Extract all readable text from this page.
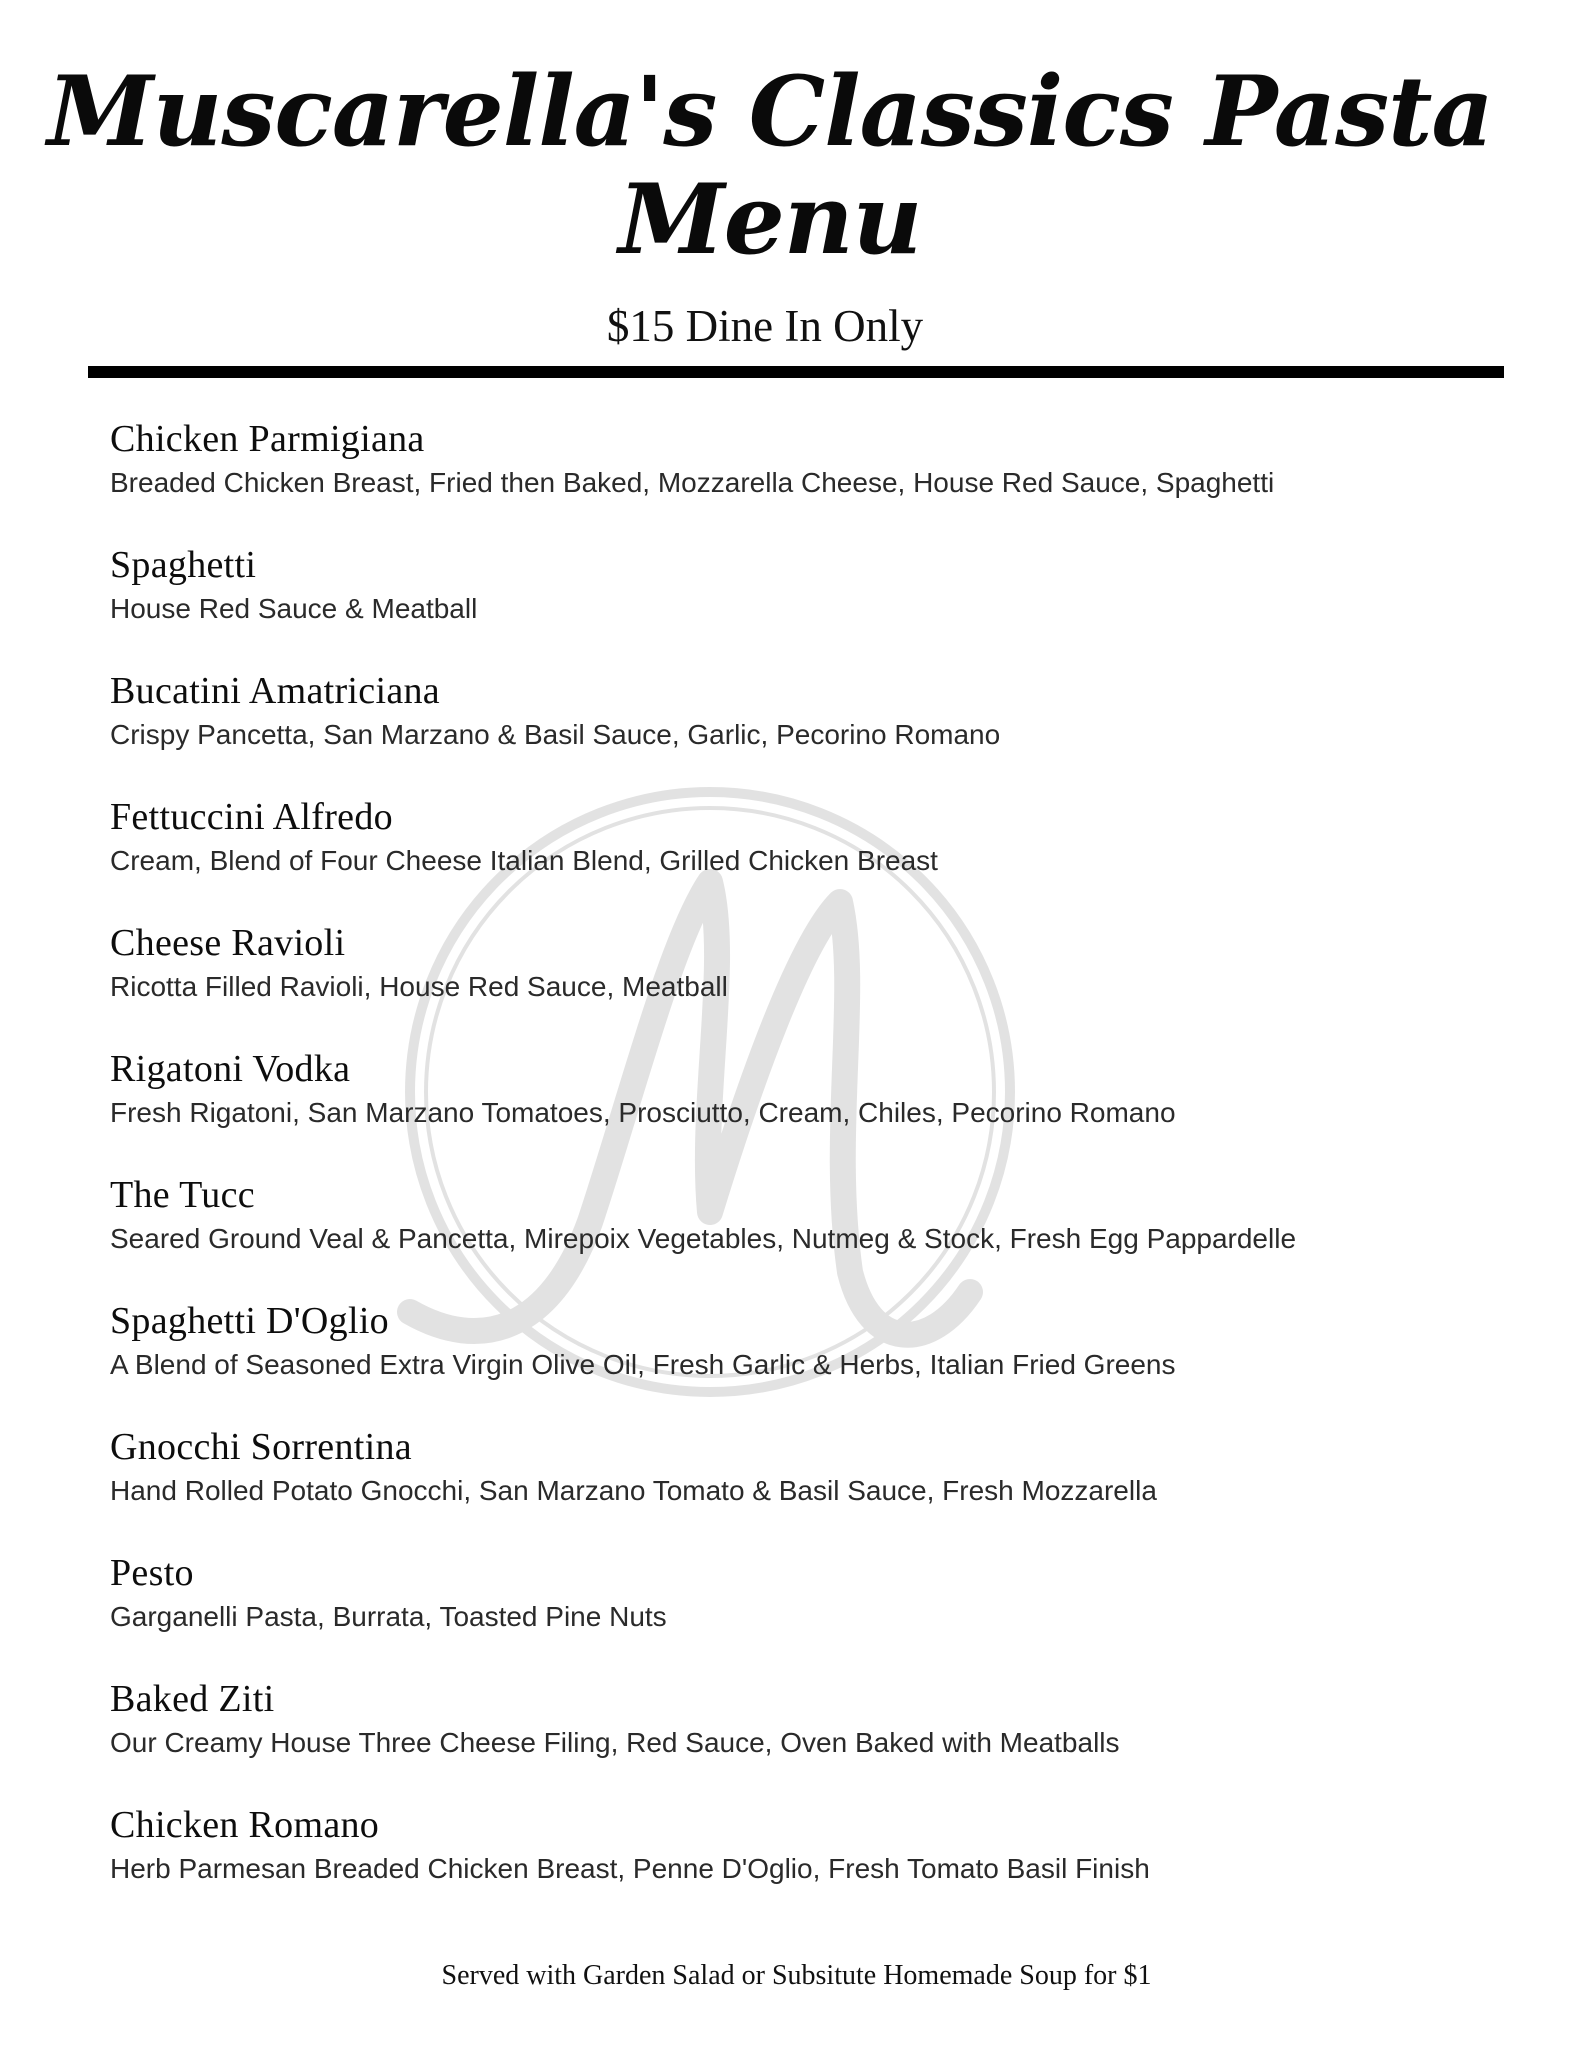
Muscarella's Classics Pasta Menu
$15 Dine In Only
Chicken Parmigiana
Breaded Chicken Breast, Fried then Baked, Mozzarella Cheese, House Red Sauce, Spaghetti
Spaghetti
House Red Sauce & Meatball
Bucatini Amatriciana
Crispy Pancetta, San Marzano & Basil Sauce, Garlic, Pecorino Romano
Fettuccini Alfredo
Cream, Blend of Four Cheese Italian Blend, Grilled Chicken Breast
Cheese Ravioli
Ricotta Filled Ravioli, House Red Sauce, Meatball
Rigatoni Vodka
Fresh Rigatoni, San Marzano Tomatoes, Prosciutto, Cream, Chiles, Pecorino Romano
The Tucc
Seared Ground Veal & Pancetta, Mirepoix Vegetables, Nutmeg & Stock, Fresh Egg Pappardelle
Spaghetti D'Oglio
A Blend of Seasoned Extra Virgin Olive Oil, Fresh Garlic & Herbs, Italian Fried Greens
Gnocchi Sorrentina
Hand Rolled Potato Gnocchi, San Marzano Tomato & Basil Sauce, Fresh Mozzarella
Pesto
Garganelli Pasta, Burrata, Toasted Pine Nuts
Baked Ziti
Our Creamy House Three Cheese Filing, Red Sauce, Oven Baked with Meatballs
Chicken Romano
Herb Parmesan Breaded Chicken Breast, Penne D'Oglio, Fresh Tomato Basil Finish
Served with Garden Salad or Subsitute Homemade Soup for $1
